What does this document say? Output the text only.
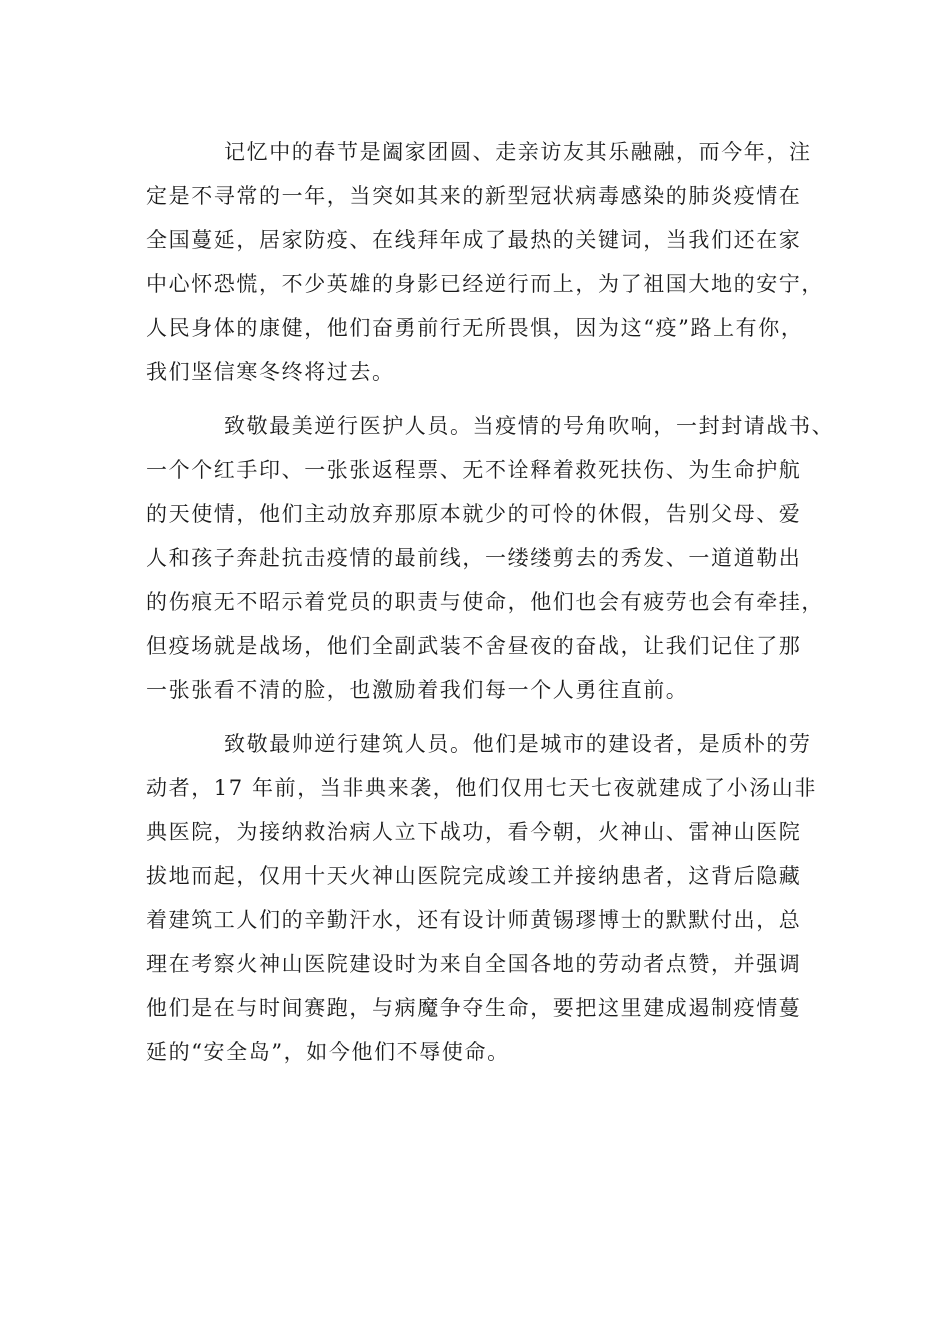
记忆中的春节是阖家团圆、走亲访友其乐融融，而今年，注
定是不寻常的一年，当突如其来的新型冠状病毒感染的肺炎疫情在
全国蔓延，居家防疫、在线拜年成了最热的关键词，当我们还在家
中心怀恐慌，不少英雄的身影已经逆行而上，为了祖国大地的安宁，
人民身体的康健，他们奋勇前行无所畏惧，因为这“疫”路上有你，
我们坚信寒冬终将过去。
致敬最美逆行医护人员。当疫情的号角吹响，一封封请战书、
一个个红手印、一张张返程票、无不诠释着救死扶伤、为生命护航
的天使情，他们主动放弃那原本就少的可怜的休假，告别父母、爱
人和孩子奔赴抗击疫情的最前线，一缕缕剪去的秀发、一道道勒出
的伤痕无不昭示着党员的职责与使命，他们也会有疲劳也会有牵挂，
但疫场就是战场，他们全副武装不舍昼夜的奋战，让我们记住了那
一张张看不清的脸，也激励着我们每一个人勇往直前。
致敬最帅逆行建筑人员。他们是城市的建设者，是质朴的劳
动者，17 年前，当非典来袭，他们仅用七天七夜就建成了小汤山非
典医院，为接纳救治病人立下战功，看今朝，火神山、雷神山医院
拔地而起，仅用十天火神山医院完成竣工并接纳患者，这背后隐藏
着建筑工人们的辛勤汗水，还有设计师黄锡璆博士的默默付出，总
理在考察火神山医院建设时为来自全国各地的劳动者点赞，并强调
他们是在与时间赛跑，与病魔争夺生命，要把这里建成遏制疫情蔓
延的“安全岛”，如今他们不辱使命。
